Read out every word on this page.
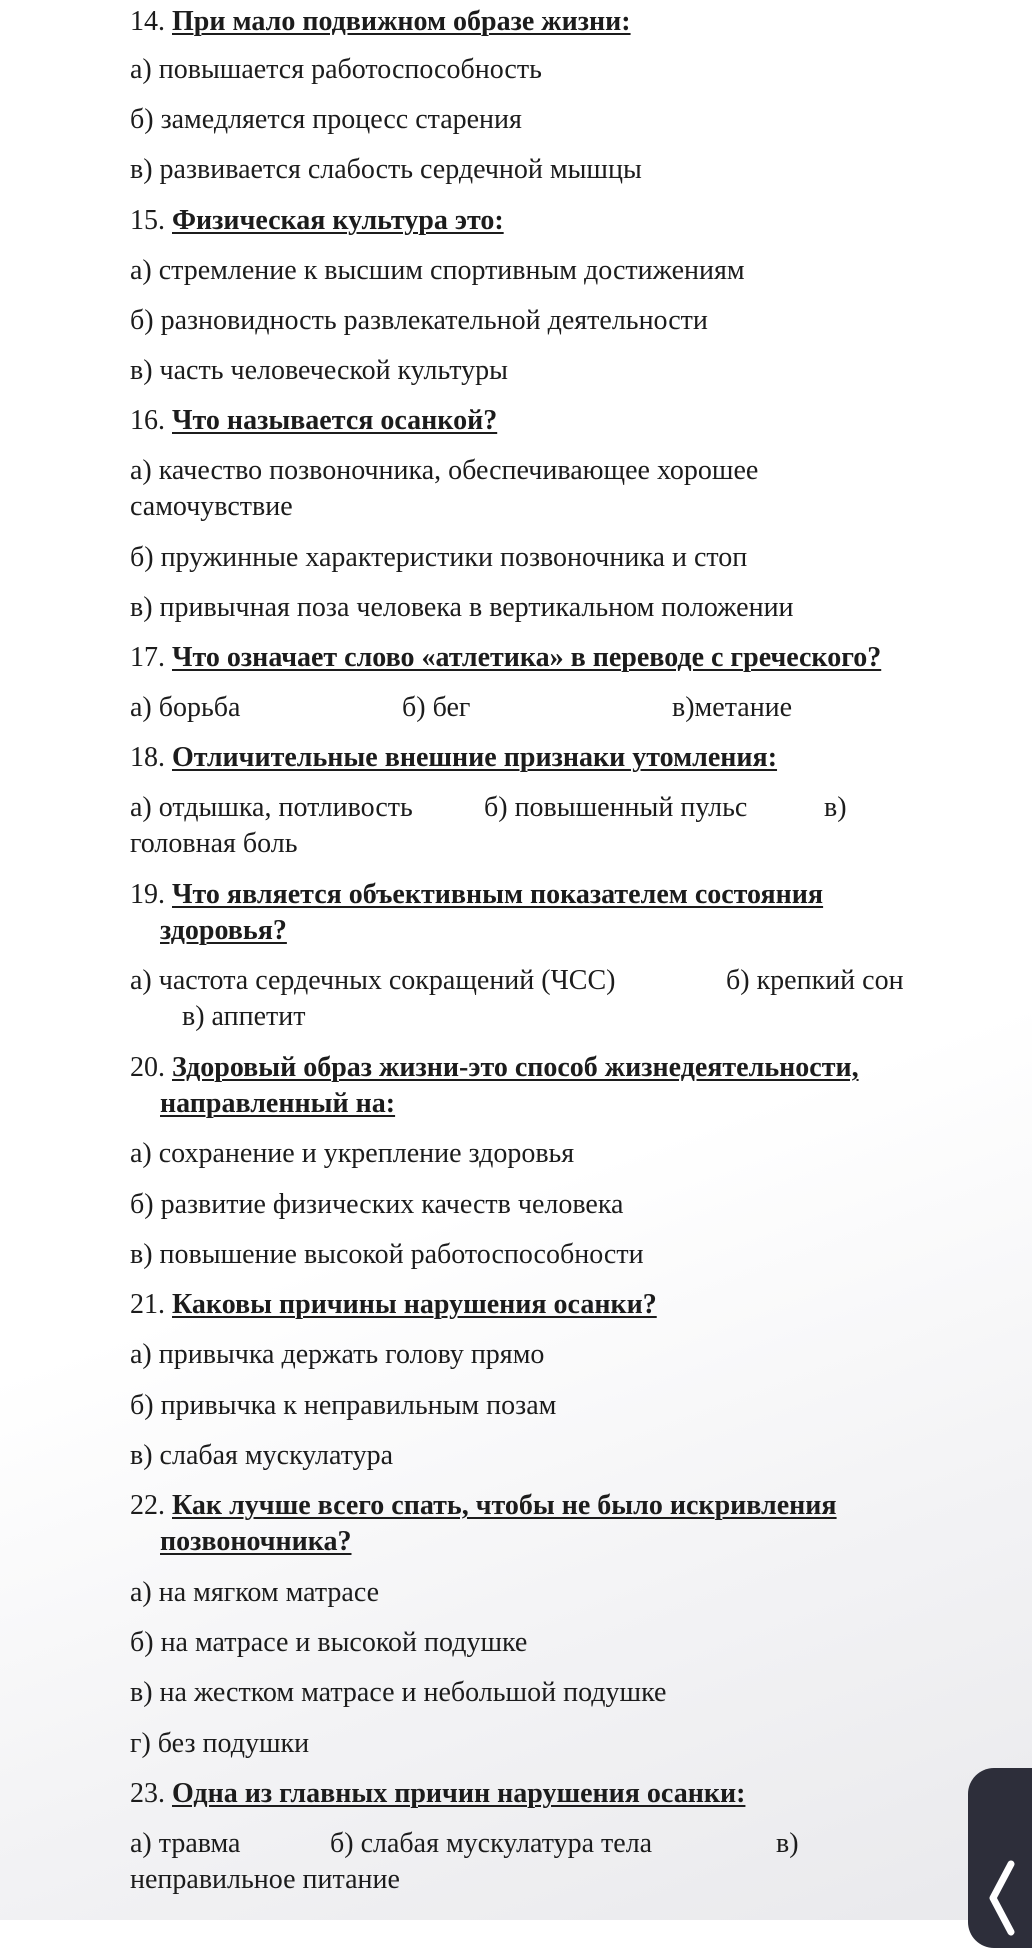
14. При мало подвижном образе жизни:
а) повышается работоспособность
б) замедляется процесс старения
в) развивается слабость сердечной мышцы
15. Физическая культура это:
а) стремление к высшим спортивным достижениям
б) разновидность развлекательной деятельности
в) часть человеческой культуры
16. Что называется осанкой?
а) качество позвоночника, обеспечивающее хорошее
самочувствие
б) пружинные характеристики позвоночника и стоп
в) привычная поза человека в вертикальном положении
17. Что означает слово «атлетика» в переводе с греческого?
а) борьба	б) бег	в)метание
18. Отличительные внешние признаки утомления:
а) отдышка, потливость	б) повышенный пульс	в)
головная боль
19. Что является объективным показателем состояния
здоровья?
а) частота сердечных сокращений (ЧСС)	б) крепкий сон
в) аппетит
20. Здоровый образ жизни-это способ жизнедеятельности,
направленный на:
а) сохранение и укрепление здоровья
б) развитие физических качеств человека
в) повышение высокой работоспособности
21. Каковы причины нарушения осанки?
а) привычка держать голову прямо
б) привычка к неправильным позам
в) слабая мускулатура
22. Как лучше всего спать, чтобы не было искривления
позвоночника?
а) на мягком матрасе
б) на матрасе и высокой подушке
в) на жестком матрасе и небольшой подушке
г) без подушки
23. Одна из главных причин нарушения осанки:
а) травма	б) слабая мускулатура тела	в)
неправильное питание
